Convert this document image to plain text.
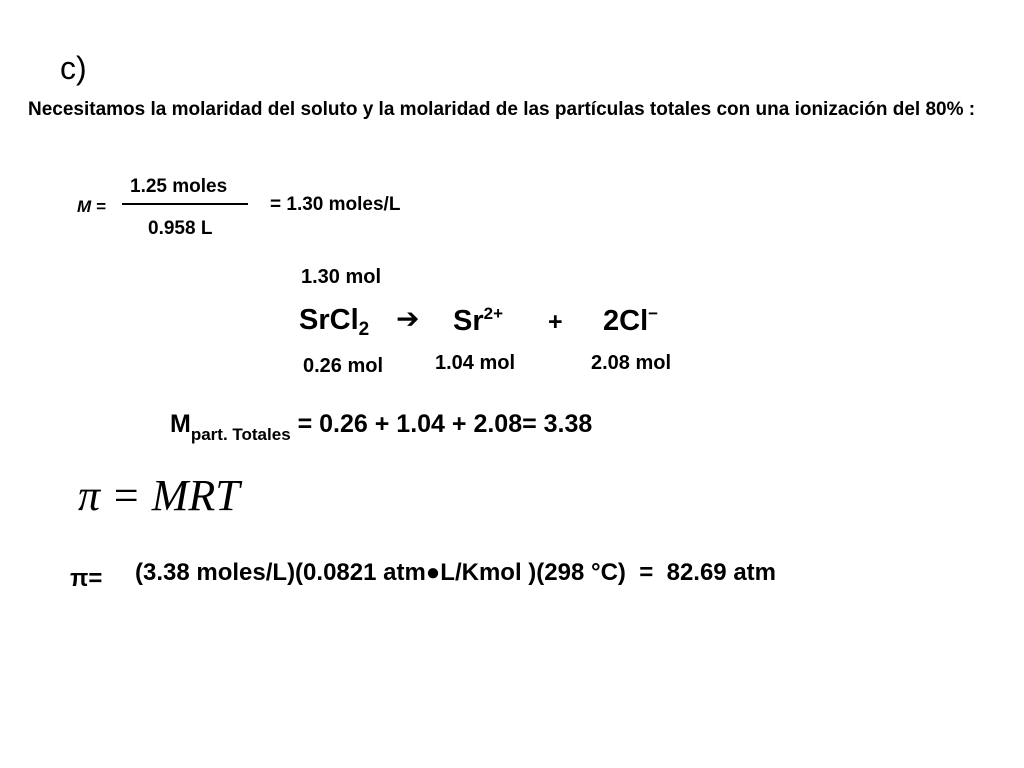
c)
Necesitamos la molaridad del soluto y la molaridad de las partículas totales con una ionización del 80% :
M =
1.25 moles
0.958 L
= 1.30 moles/L
1.30 mol
SrCl$_2$ ➔ $Sr^{2+} + 2Cl^-$
0.26 mol	1.04 mol	2.08 mol
$M_{part. Totales} = 0.26 + 1.04 + 2.08= 3.38$
π = MRT
π= (3.38 moles/L)(0.0821 atm●L/Kmol )(298 °C)  =  82.69 atm
